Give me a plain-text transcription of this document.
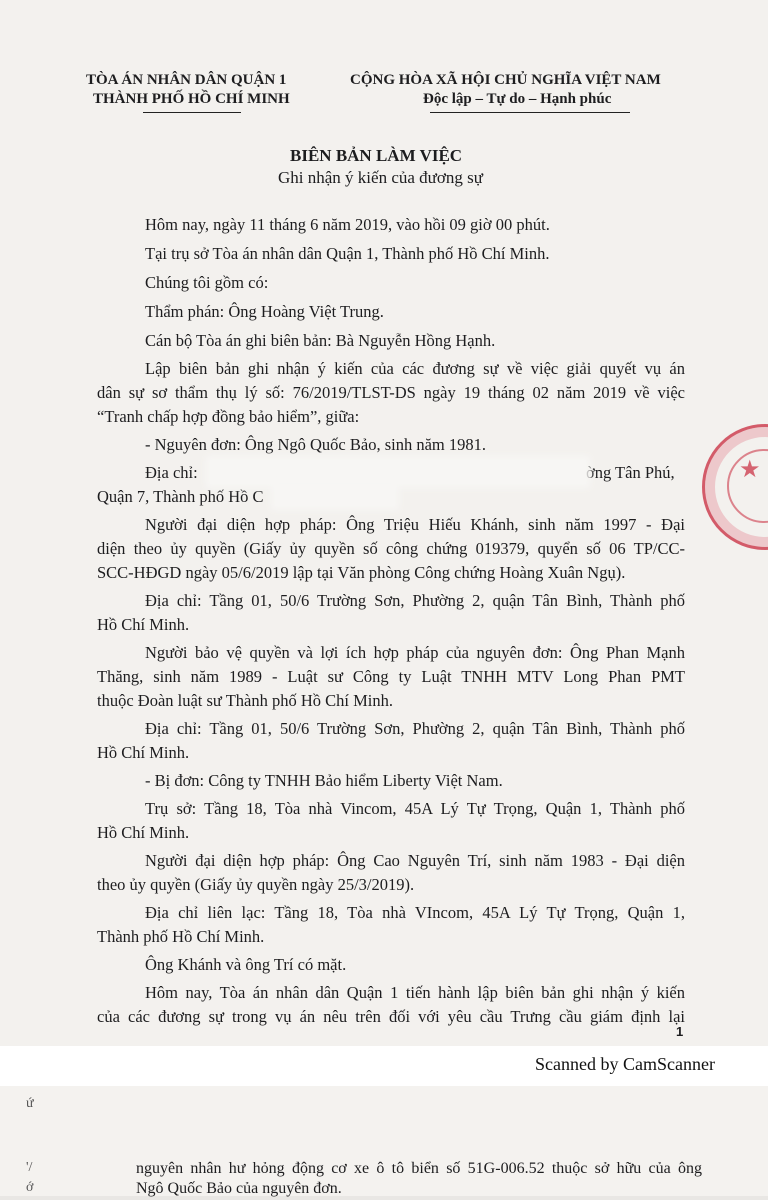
TÒA ÁN NHÂN DÂN QUẬN 1
THÀNH PHỐ HỒ CHÍ MINH
CỘNG HÒA XÃ HỘI CHỦ NGHĨA VIỆT NAM
Độc lập – Tự do – Hạnh phúc
BIÊN BẢN LÀM VIỆC
Ghi nhận ý kiến của đương sự
Hôm nay, ngày 11 tháng 6 năm 2019, vào hồi 09 giờ 00 phút.
Tại trụ sở Tòa án nhân dân Quận 1, Thành phố Hồ Chí Minh.
Chúng tôi gồm có:
Thẩm phán: Ông Hoàng Việt Trung.
Cán bộ Tòa án ghi biên bản: Bà Nguyễn Hồng Hạnh.
Lập biên bản ghi nhận ý kiến của các đương sự về việc giải quyết vụ án
dân sự sơ thẩm thụ lý số: 76/2019/TLST-DS ngày 19 tháng 02 năm 2019 về việc
“Tranh chấp hợp đồng bảo hiểm”, giữa:
- Nguyên đơn: Ông Ngô Quốc Bảo, sinh năm 1981.
Địa chỉ:	ờng Tân Phú,
Quận 7, Thành phố Hồ C
Người đại diện hợp pháp: Ông Triệu Hiếu Khánh, sinh năm 1997 - Đại
diện theo ủy quyền (Giấy ủy quyền số công chứng 019379, quyển số 06 TP/CC-
SCC-HĐGD ngày 05/6/2019 lập tại Văn phòng Công chứng Hoàng Xuân Ngụ).
Địa chỉ: Tầng 01, 50/6 Trường Sơn, Phường 2, quận Tân Bình, Thành phố
Hồ Chí Minh.
Người bảo vệ quyền và lợi ích hợp pháp của nguyên đơn: Ông Phan Mạnh
Thăng, sinh năm 1989 - Luật sư Công ty Luật TNHH MTV Long Phan PMT
thuộc Đoàn luật sư Thành phố Hồ Chí Minh.
Địa chỉ: Tầng 01, 50/6 Trường Sơn, Phường 2, quận Tân Bình, Thành phố
Hồ Chí Minh.
- Bị đơn: Công ty TNHH Bảo hiểm Liberty Việt Nam.
Trụ sở: Tầng 18, Tòa nhà Vincom, 45A Lý Tự Trọng, Quận 1, Thành phố
Hồ Chí Minh.
Người đại diện hợp pháp: Ông Cao Nguyên Trí, sinh năm 1983 - Đại diện
theo ủy quyền (Giấy ủy quyền ngày 25/3/2019).
Địa chỉ liên lạc: Tầng 18, Tòa nhà VIncom, 45A Lý Tự Trọng, Quận 1,
Thành phố Hồ Chí Minh.
Ông Khánh và ông Trí có mặt.
Hôm nay, Tòa án nhân dân Quận 1 tiến hành lập biên bản ghi nhận ý kiến
của các đương sự trong vụ án nêu trên đối với yêu cầu Trưng cầu giám định lại
★
1
Scanned by CamScanner
ứ
'/
ớ
nguyên nhân hư hỏng động cơ xe ô tô biển số 51G-006.52 thuộc sở hữu của ông
Ngô Quốc Bảo của nguyên đơn.
